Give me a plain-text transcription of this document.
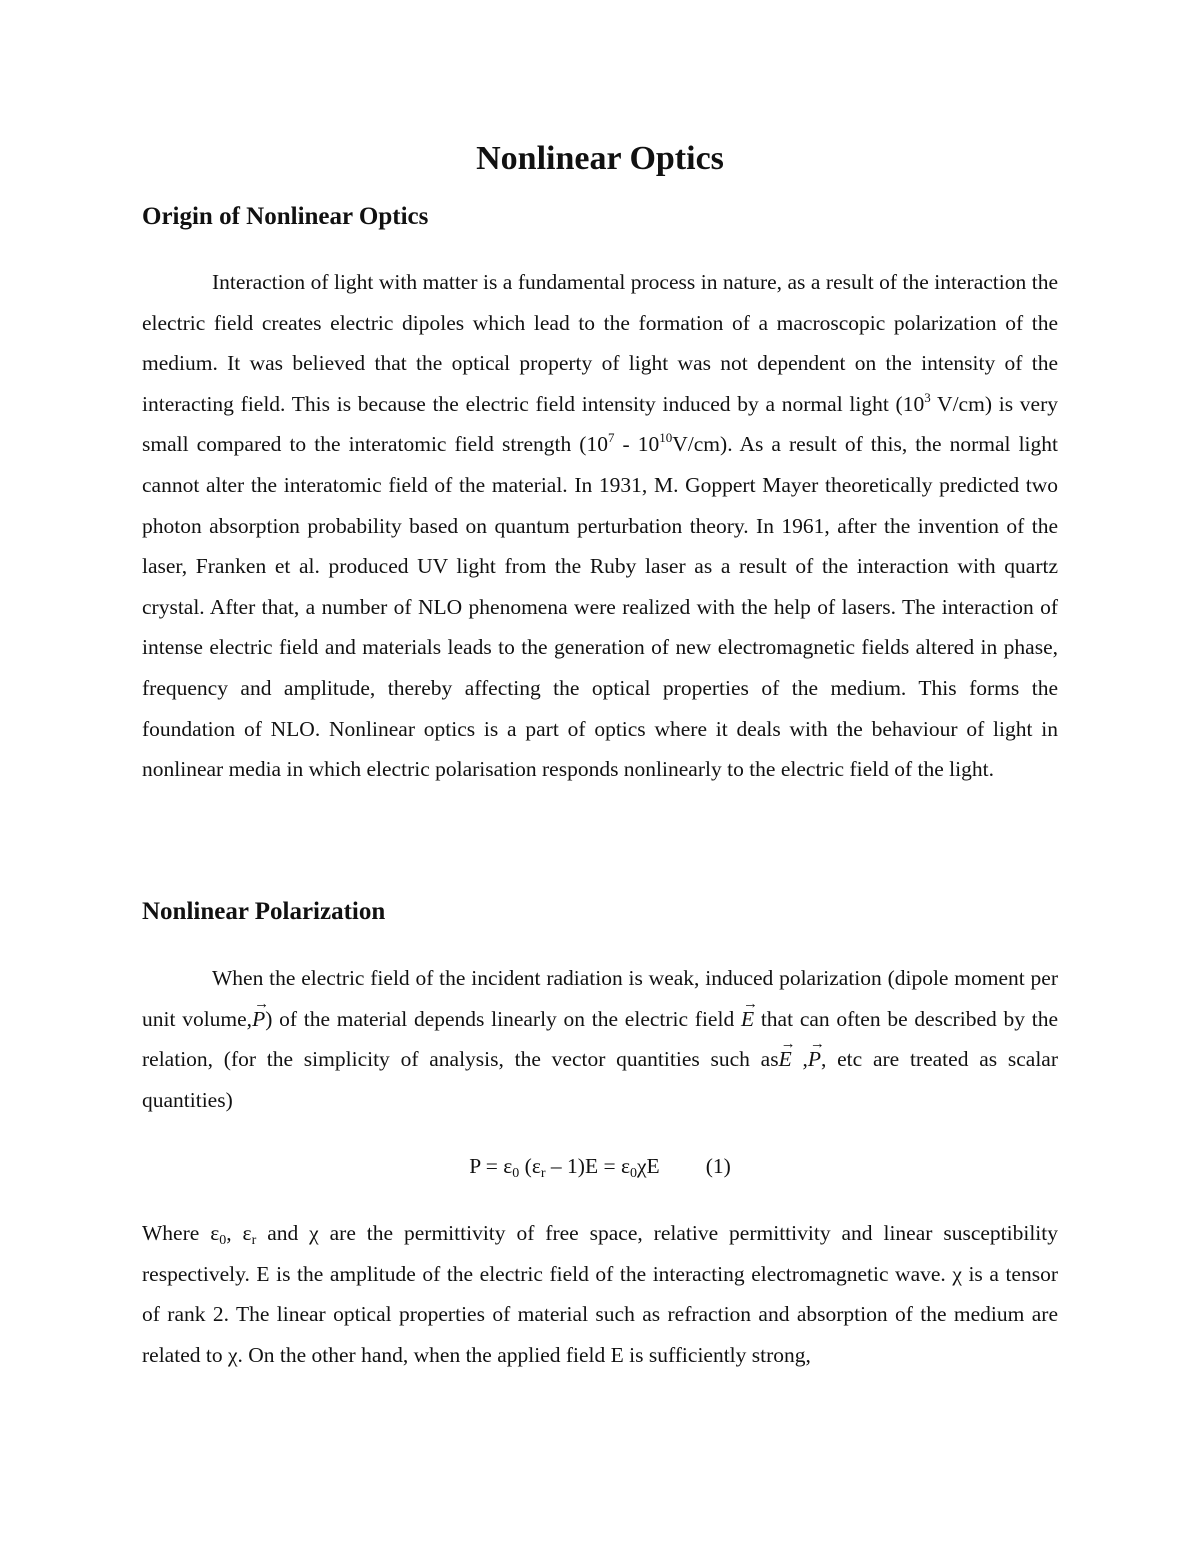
Nonlinear Optics
Origin of Nonlinear Optics

Interaction of light with matter is a fundamental process in nature, as a result of the interaction the electric field creates electric dipoles which lead to the formation of a macroscopic polarization of the medium. It was believed that the optical property of light was not dependent on the intensity of the interacting field. This is because the electric field intensity induced by a normal light ($10^3$ V/cm) is very small compared to the interatomic field strength $(10^7 - 10^{10}V/cm)$. As a result of this, the normal light cannot alter the interatomic field of the material. In 1931, M. Goppert Mayer theoretically predicted two photon absorption probability based on quantum perturbation theory. In 1961, after the invention of the laser, Franken et al. produced UV light from the Ruby laser as a result of the interaction with quartz crystal. After that, a number of NLO phenomena were realized with the help of lasers. The interaction of intense electric field and materials leads to the generation of new electromagnetic fields altered in phase, frequency and amplitude, thereby affecting the optical properties of the medium. This forms the foundation of NLO. Nonlinear optics is a part of optics where it deals with the behaviour of light in nonlinear media in which electric polarisation responds nonlinearly to the electric field of the light.

Nonlinear Polarization

When the electric field of the incident radiation is weak, induced polarization (dipole moment per unit volume,→ P) of the material depends linearly on the electric field → E that can often be described by the relation, (for the simplicity of analysis, the vector quantities such as→ E ,→ P, etc are treated as scalar quantities)

$P = \varepsilon_0$ $(\varepsilon_r - 1)E = \varepsilon_0\chi E$ (1)

Where $\varepsilon_0$, $\varepsilon_r$ and χ are the permittivity of free space, relative permittivity and linear susceptibility respectively. E is the amplitude of the electric field of the interacting electromagnetic wave. χ is a tensor of rank 2. The linear optical properties of material such as refraction and absorption of the medium are related to χ. On the other hand, when the applied field E is sufficiently strong,
